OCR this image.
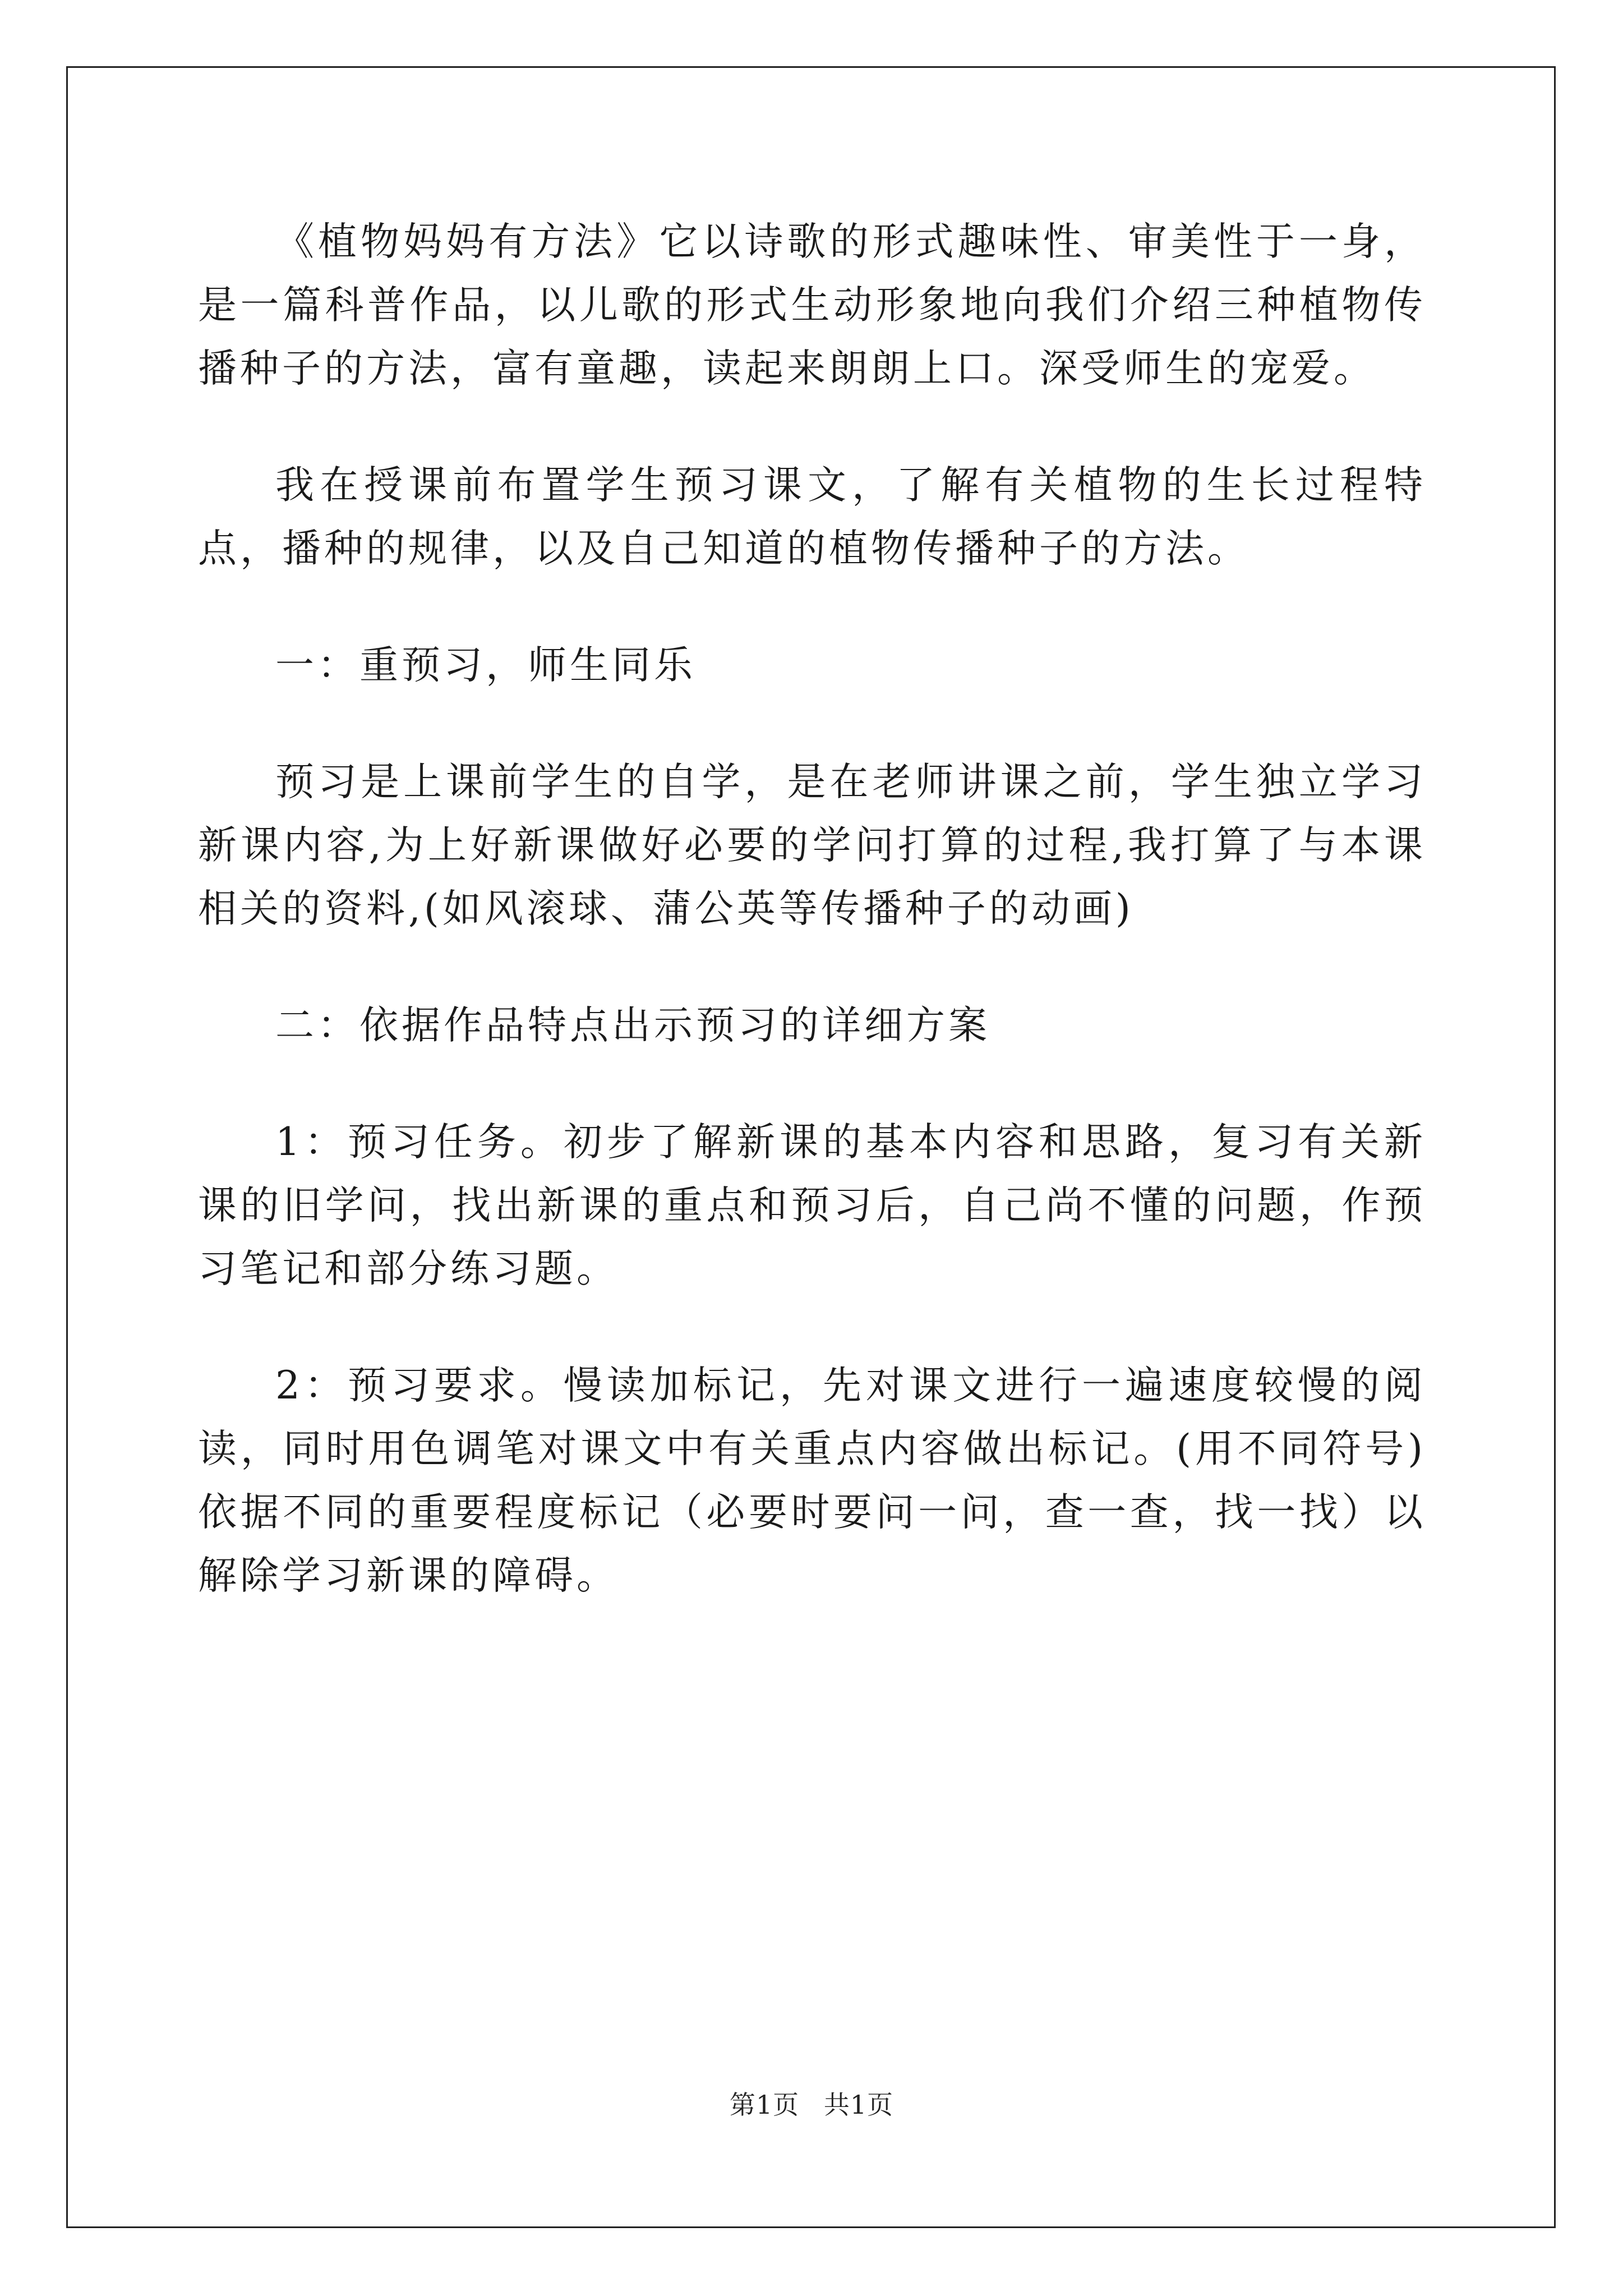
《植物妈妈有方法》它以诗歌的形式趣味性、审美性于一身，是一篇科普作品，以儿歌的形式生动形象地向我们介绍三种植物传播种子的方法，富有童趣，读起来朗朗上口。深受师生的宠爱。

我在授课前布置学生预习课文，了解有关植物的生长过程特点，播种的规律，以及自己知道的植物传播种子的方法。

一：重预习，师生同乐

预习是上课前学生的自学，是在老师讲课之前，学生独立学习新课内容,为上好新课做好必要的学问打算的过程,我打算了与本课相关的资料,(如风滚球、蒲公英等传播种子的动画)

二：依据作品特点出示预习的详细方案

1：预习任务。初步了解新课的基本内容和思路，复习有关新课的旧学问，找出新课的重点和预习后，自己尚不懂的问题，作预习笔记和部分练习题。

2：预习要求。慢读加标记，先对课文进行一遍速度较慢的阅读，同时用色调笔对课文中有关重点内容做出标记。(用不同符号)依据不同的重要程度标记（必要时要问一问，查一查，找一找）以解除学习新课的障碍。

第1页 共1页
